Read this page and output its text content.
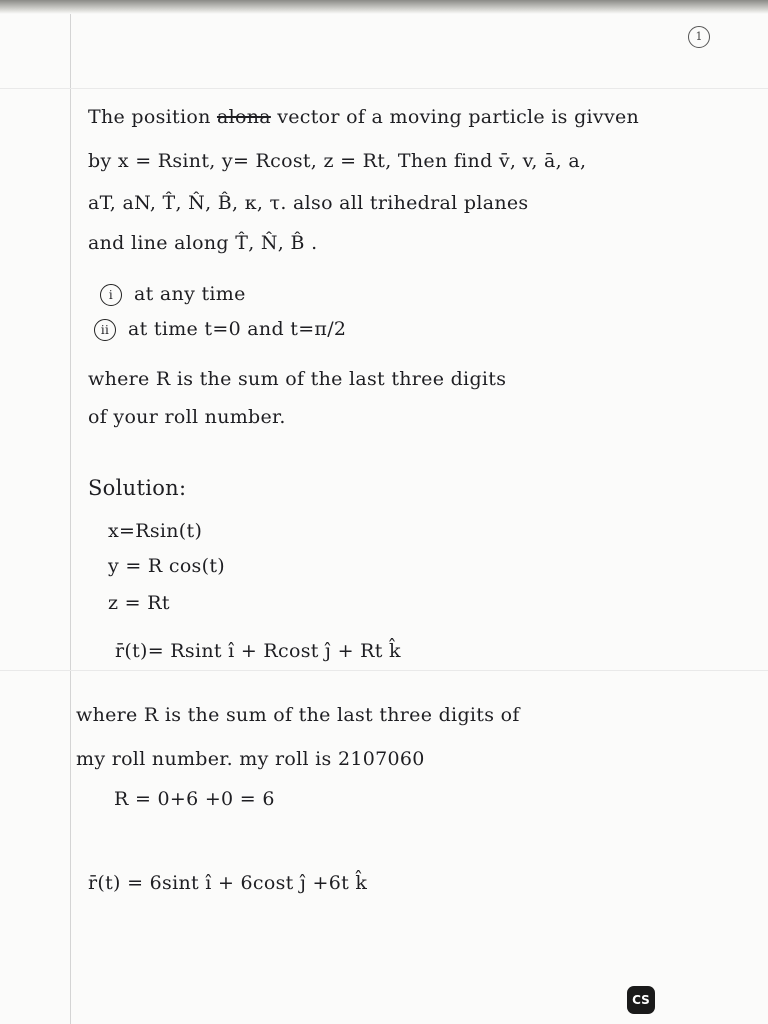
1
The position alona vector of a moving particle is givven
by x = Rsint, y= Rcost, z = Rt, Then find v̄, v, ā, a,
aT, aN, T̂, N̂, B̂, κ, τ. also all trihedral planes
and line along T̂, N̂, B̂ .
i at any time
ii at time t=0 and t=π/2
where R is the sum of the last three digits
of your roll number.
Solution:
x=Rsin(t)
y = R cos(t)
z = Rt
r̄(t)= Rsint î + Rcost ĵ + Rt k̂
where R is the sum of the last three digits of
my roll number. my roll is 2107060
R = 0+6 +0 = 6
r̄(t) = 6sint î + 6cost ĵ +6t k̂
CS
